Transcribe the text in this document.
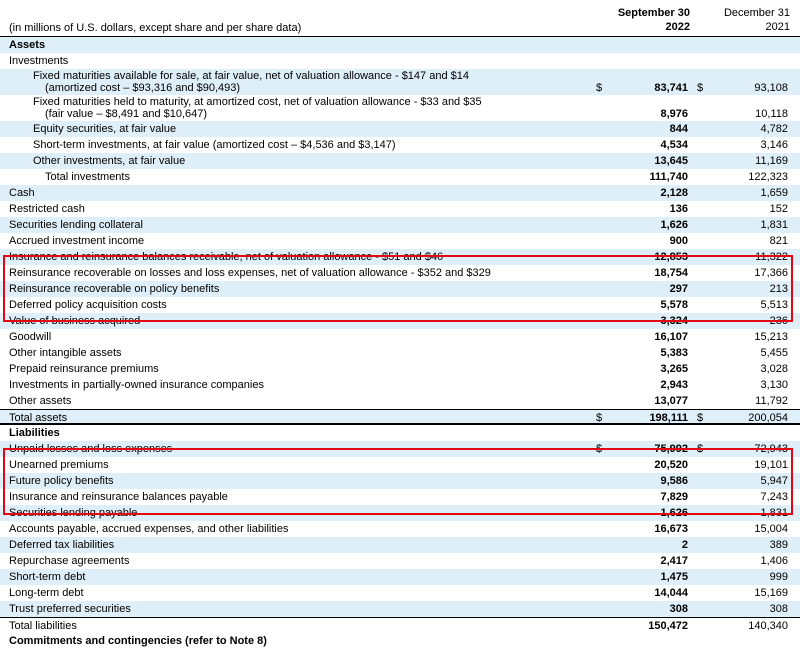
(in millions of U.S. dollars, except share and per share data)
September 30
2022
December 31
2021
Assets
Investments
Fixed maturities available for sale, at fair value, net of valuation allowance - $147 and $14
(amortized cost – $93,316 and $90,493)	$	83,741 $	93,108
Fixed maturities held to maturity, at amortized cost, net of valuation allowance - $33 and $35
(fair value – $8,491 and $10,647)	8,976	10,118
Equity securities, at fair value	844	4,782
Short-term investments, at fair value (amortized cost – $4,536 and $3,147)	4,534	3,146
Other investments, at fair value	13,645	11,169
Total investments	111,740	122,323
Cash	2,128	1,659
Restricted cash	136	152
Securities lending collateral	1,626	1,831
Accrued investment income	900	821
Insurance and reinsurance balances receivable, net of valuation allowance - $51 and $46	12,853	11,322
Reinsurance recoverable on losses and loss expenses, net of valuation allowance - $352 and $329	18,754	17,366
Reinsurance recoverable on policy benefits	297	213
Deferred policy acquisition costs	5,578	5,513
Value of business acquired	3,324	236
Goodwill	16,107	15,213
Other intangible assets	5,383	5,455
Prepaid reinsurance premiums	3,265	3,028
Investments in partially-owned insurance companies	2,943	3,130
Other assets	13,077	11,792
Total assets	$	198,111 $	200,054
Liabilities
Unpaid losses and loss expenses	$	75,992 $	72,943
Unearned premiums	20,520	19,101
Future policy benefits	9,586	5,947
Insurance and reinsurance balances payable	7,829	7,243
Securities lending payable	1,626	1,831
Accounts payable, accrued expenses, and other liabilities	16,673	15,004
Deferred tax liabilities	2	389
Repurchase agreements	2,417	1,406
Short-term debt	1,475	999
Long-term debt	14,044	15,169
Trust preferred securities	308	308
Total liabilities	150,472	140,340
Commitments and contingencies (refer to Note 8)
